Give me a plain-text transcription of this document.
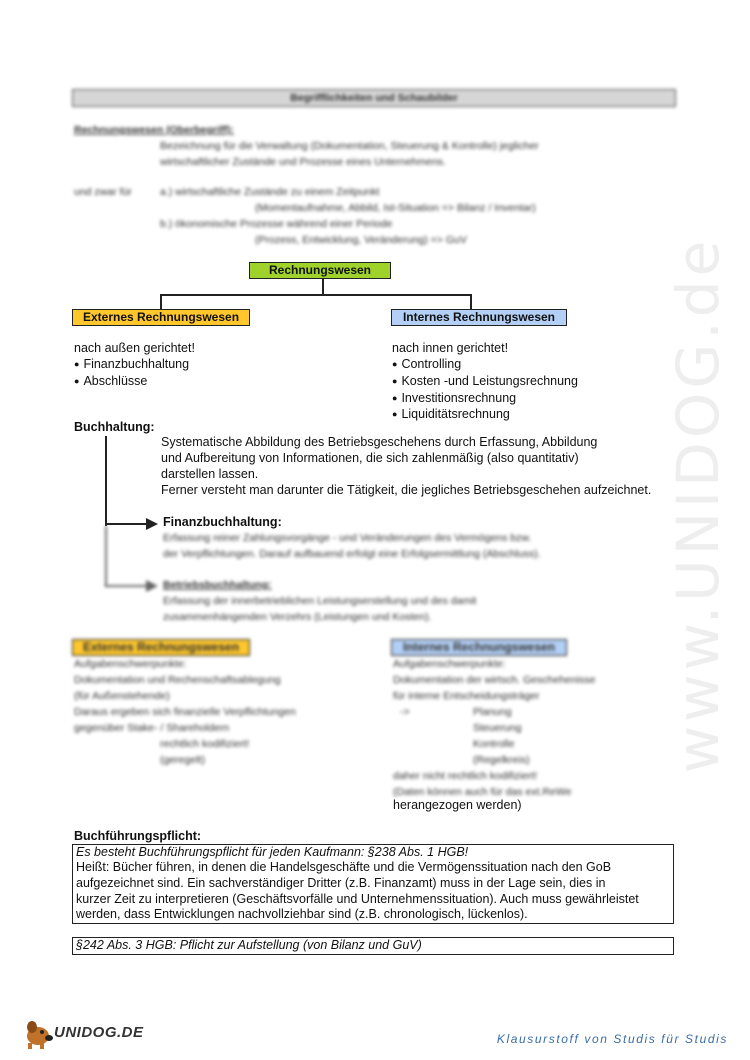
www.UNIDOG.de
Begrifflichkeiten und Schaubilder
Rechnungswesen (Oberbegriff):
Bezeichnung für die Verwaltung (Dokumentation, Steuerung & Kontrolle) jeglicher
wirtschaftlicher Zustände und Prozesse eines Unternehmens.
und zwar für	a.) wirtschaftliche Zustände zu einem Zeitpunkt
(Momentaufnahme, Abbild, Ist-Situation => Bilanz / Inventar)
b.) ökonomische Prozesse während einer Periode
(Prozess, Entwicklung, Veränderung) => GuV
Rechnungswesen
Externes Rechnungswesen	Internes Rechnungswesen
nach außen gerichtet!
● Finanzbuchhaltung
● Abschlüsse
nach innen gerichtet!
● Controlling
● Kosten -und Leistungsrechnung
● Investitionsrechnung
● Liquiditätsrechnung
Buchhaltung:
Systematische Abbildung des Betriebsgeschehens durch Erfassung, Abbildung
und Aufbereitung von Informationen, die sich zahlenmäßig (also quantitativ)
darstellen lassen.
Ferner versteht man darunter die Tätigkeit, die jegliches Betriebsgeschehen aufzeichnet.
Finanzbuchhaltung:
Erfassung reiner Zahlungsvorgänge - und Veränderungen des Vermögens bzw.
der Verpflichtungen. Darauf aufbauend erfolgt eine Erfolgsermittlung (Abschluss).
Betriebsbuchhaltung:
Erfassung der innerbetrieblichen Leistungserstellung und des damit
zusammenhängenden Verzehrs (Leistungen und Kosten).
Externes Rechnungswesen	Internes Rechnungswesen
Aufgabenschwerpunkte:
Dokumentation und Rechenschaftsablegung
(für Außenstehende)
Daraus ergeben sich finanzielle Verpflichtungen
gegenüber Stake- / Shareholdern
rechtlich kodifiziert!
(geregelt)
Aufgabenschwerpunkte:
Dokumentation der wirtsch. Geschehenisse
für interne Entscheidungsträger
->	Planung
Steuerung
Kontrolle
(Regelkreis)
daher nicht rechtlich kodifiziert!
(Daten können auch für das ext.ReWe
herangezogen werden)
Buchführungspflicht:
Es besteht Buchführungspflicht für jeden Kaufmann: §238 Abs. 1 HGB!
Heißt: Bücher führen, in denen die Handelsgeschäfte und die Vermögenssituation nach den GoB
aufgezeichnet sind. Ein sachverständiger Dritter (z.B. Finanzamt) muss in der Lage sein, dies in
kurzer Zeit zu interpretieren (Geschäftsvorfälle und Unternehmenssituation). Auch muss gewährleistet
werden, dass Entwicklungen nachvollziehbar sind (z.B. chronologisch, lückenlos).
§242 Abs. 3 HGB: Pflicht zur Aufstellung (von Bilanz und GuV)
UNIDOG.DE	Klausurstoff von Studis für Studis
